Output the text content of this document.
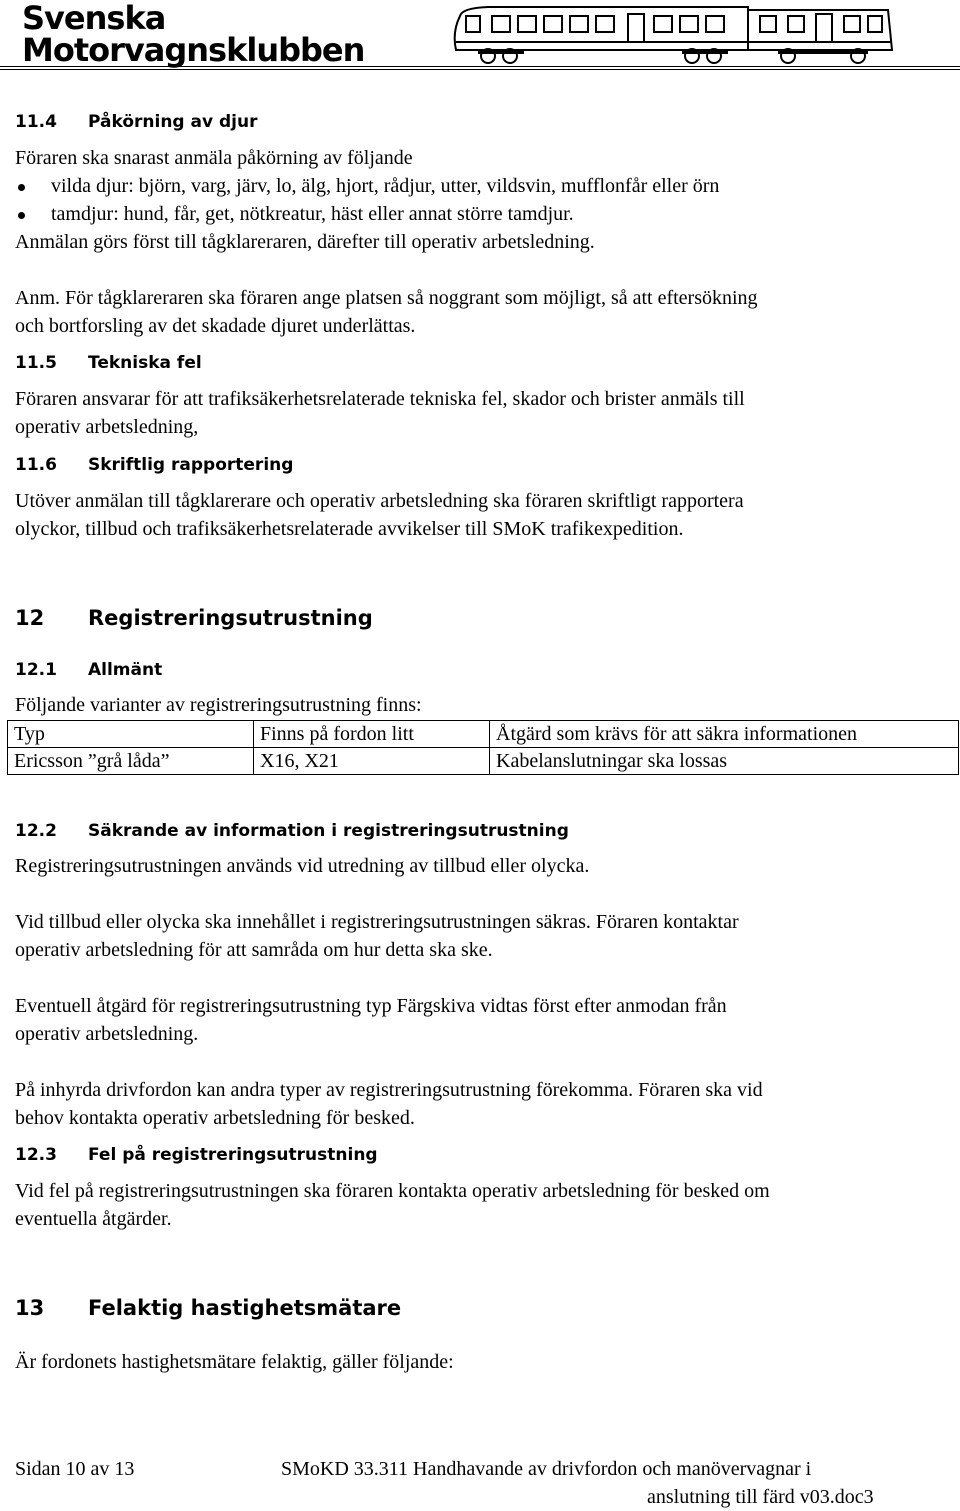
Svenska
Motorvagnsklubben
11.4 Påkörning av djur
Föraren ska snarast anmäla påkörning av följande
vilda djur: björn, varg, järv, lo, älg, hjort, rådjur, utter, vildsvin, mufflonfår eller örn
tamdjur: hund, får, get, nötkreatur, häst eller annat större tamdjur.
Anmälan görs först till tågklareraren, därefter till operativ arbetsledning.
Anm. För tågklareraren ska föraren ange platsen så noggrant som möjligt, så att eftersökning
och bortforsling av det skadade djuret underlättas.
11.5 Tekniska fel
Föraren ansvarar för att trafiksäkerhetsrelaterade tekniska fel, skador och brister anmäls till
operativ arbetsledning,
11.6 Skriftlig rapportering
Utöver anmälan till tågklarerare och operativ arbetsledning ska föraren skriftligt rapportera
olyckor, tillbud och trafiksäkerhetsrelaterade avvikelser till SMoK trafikexpedition.
12 Registreringsutrustning
12.1 Allmänt
Följande varianter av registreringsutrustning finns:
Typ	Finns på fordon litt	Åtgärd som krävs för att säkra informationen
Ericsson ”grå låda”	X16, X21	Kabelanslutningar ska lossas
12.2 Säkrande av information i registreringsutrustning
Registreringsutrustningen används vid utredning av tillbud eller olycka.
Vid tillbud eller olycka ska innehållet i registreringsutrustningen säkras. Föraren kontaktar
operativ arbetsledning för att samråda om hur detta ska ske.
Eventuell åtgärd för registreringsutrustning typ Färgskiva vidtas först efter anmodan från
operativ arbetsledning.
På inhyrda drivfordon kan andra typer av registreringsutrustning förekomma. Föraren ska vid
behov kontakta operativ arbetsledning för besked.
12.3 Fel på registreringsutrustning
Vid fel på registreringsutrustningen ska föraren kontakta operativ arbetsledning för besked om
eventuella åtgärder.
13 Felaktig hastighetsmätare
Är fordonets hastighetsmätare felaktig, gäller följande:
Sidan 10 av 13	SMoKD 33.311 Handhavande av drivfordon och manövervagnar i
anslutning till färd v03.doc3
